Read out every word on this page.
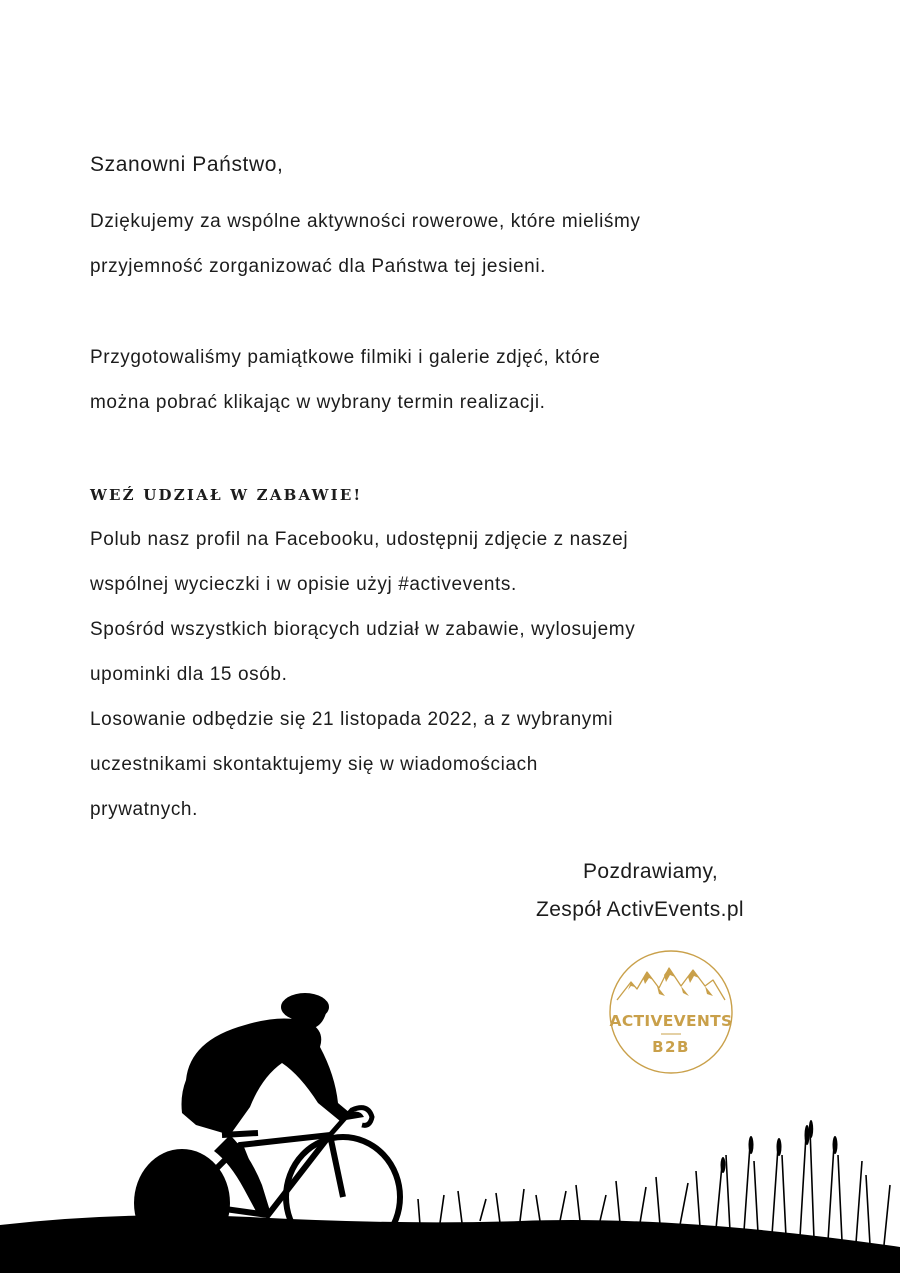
Szanowni Państwo,
Dziękujemy za wspólne aktywności rowerowe, które mieliśmy
przyjemność zorganizować dla Państwa tej jesieni.
Przygotowaliśmy pamiątkowe filmiki i galerie zdjęć, które
można pobrać klikając w wybrany termin realizacji.
WEŹ UDZIAŁ W ZABAWIE!
Polub nasz profil na Facebooku, udostępnij zdjęcie z naszej
wspólnej wycieczki i w opisie użyj #activevents.
Spośród wszystkich biorących udział w zabawie, wylosujemy
upominki dla 15 osób.
Losowanie odbędzie się 21 listopada 2022, a z wybranymi
uczestnikami skontaktujemy się w wiadomościach
prywatnych.
Pozdrawiamy,
Zespół ActivEvents.pl
ACTIVEVENTS
B2B
